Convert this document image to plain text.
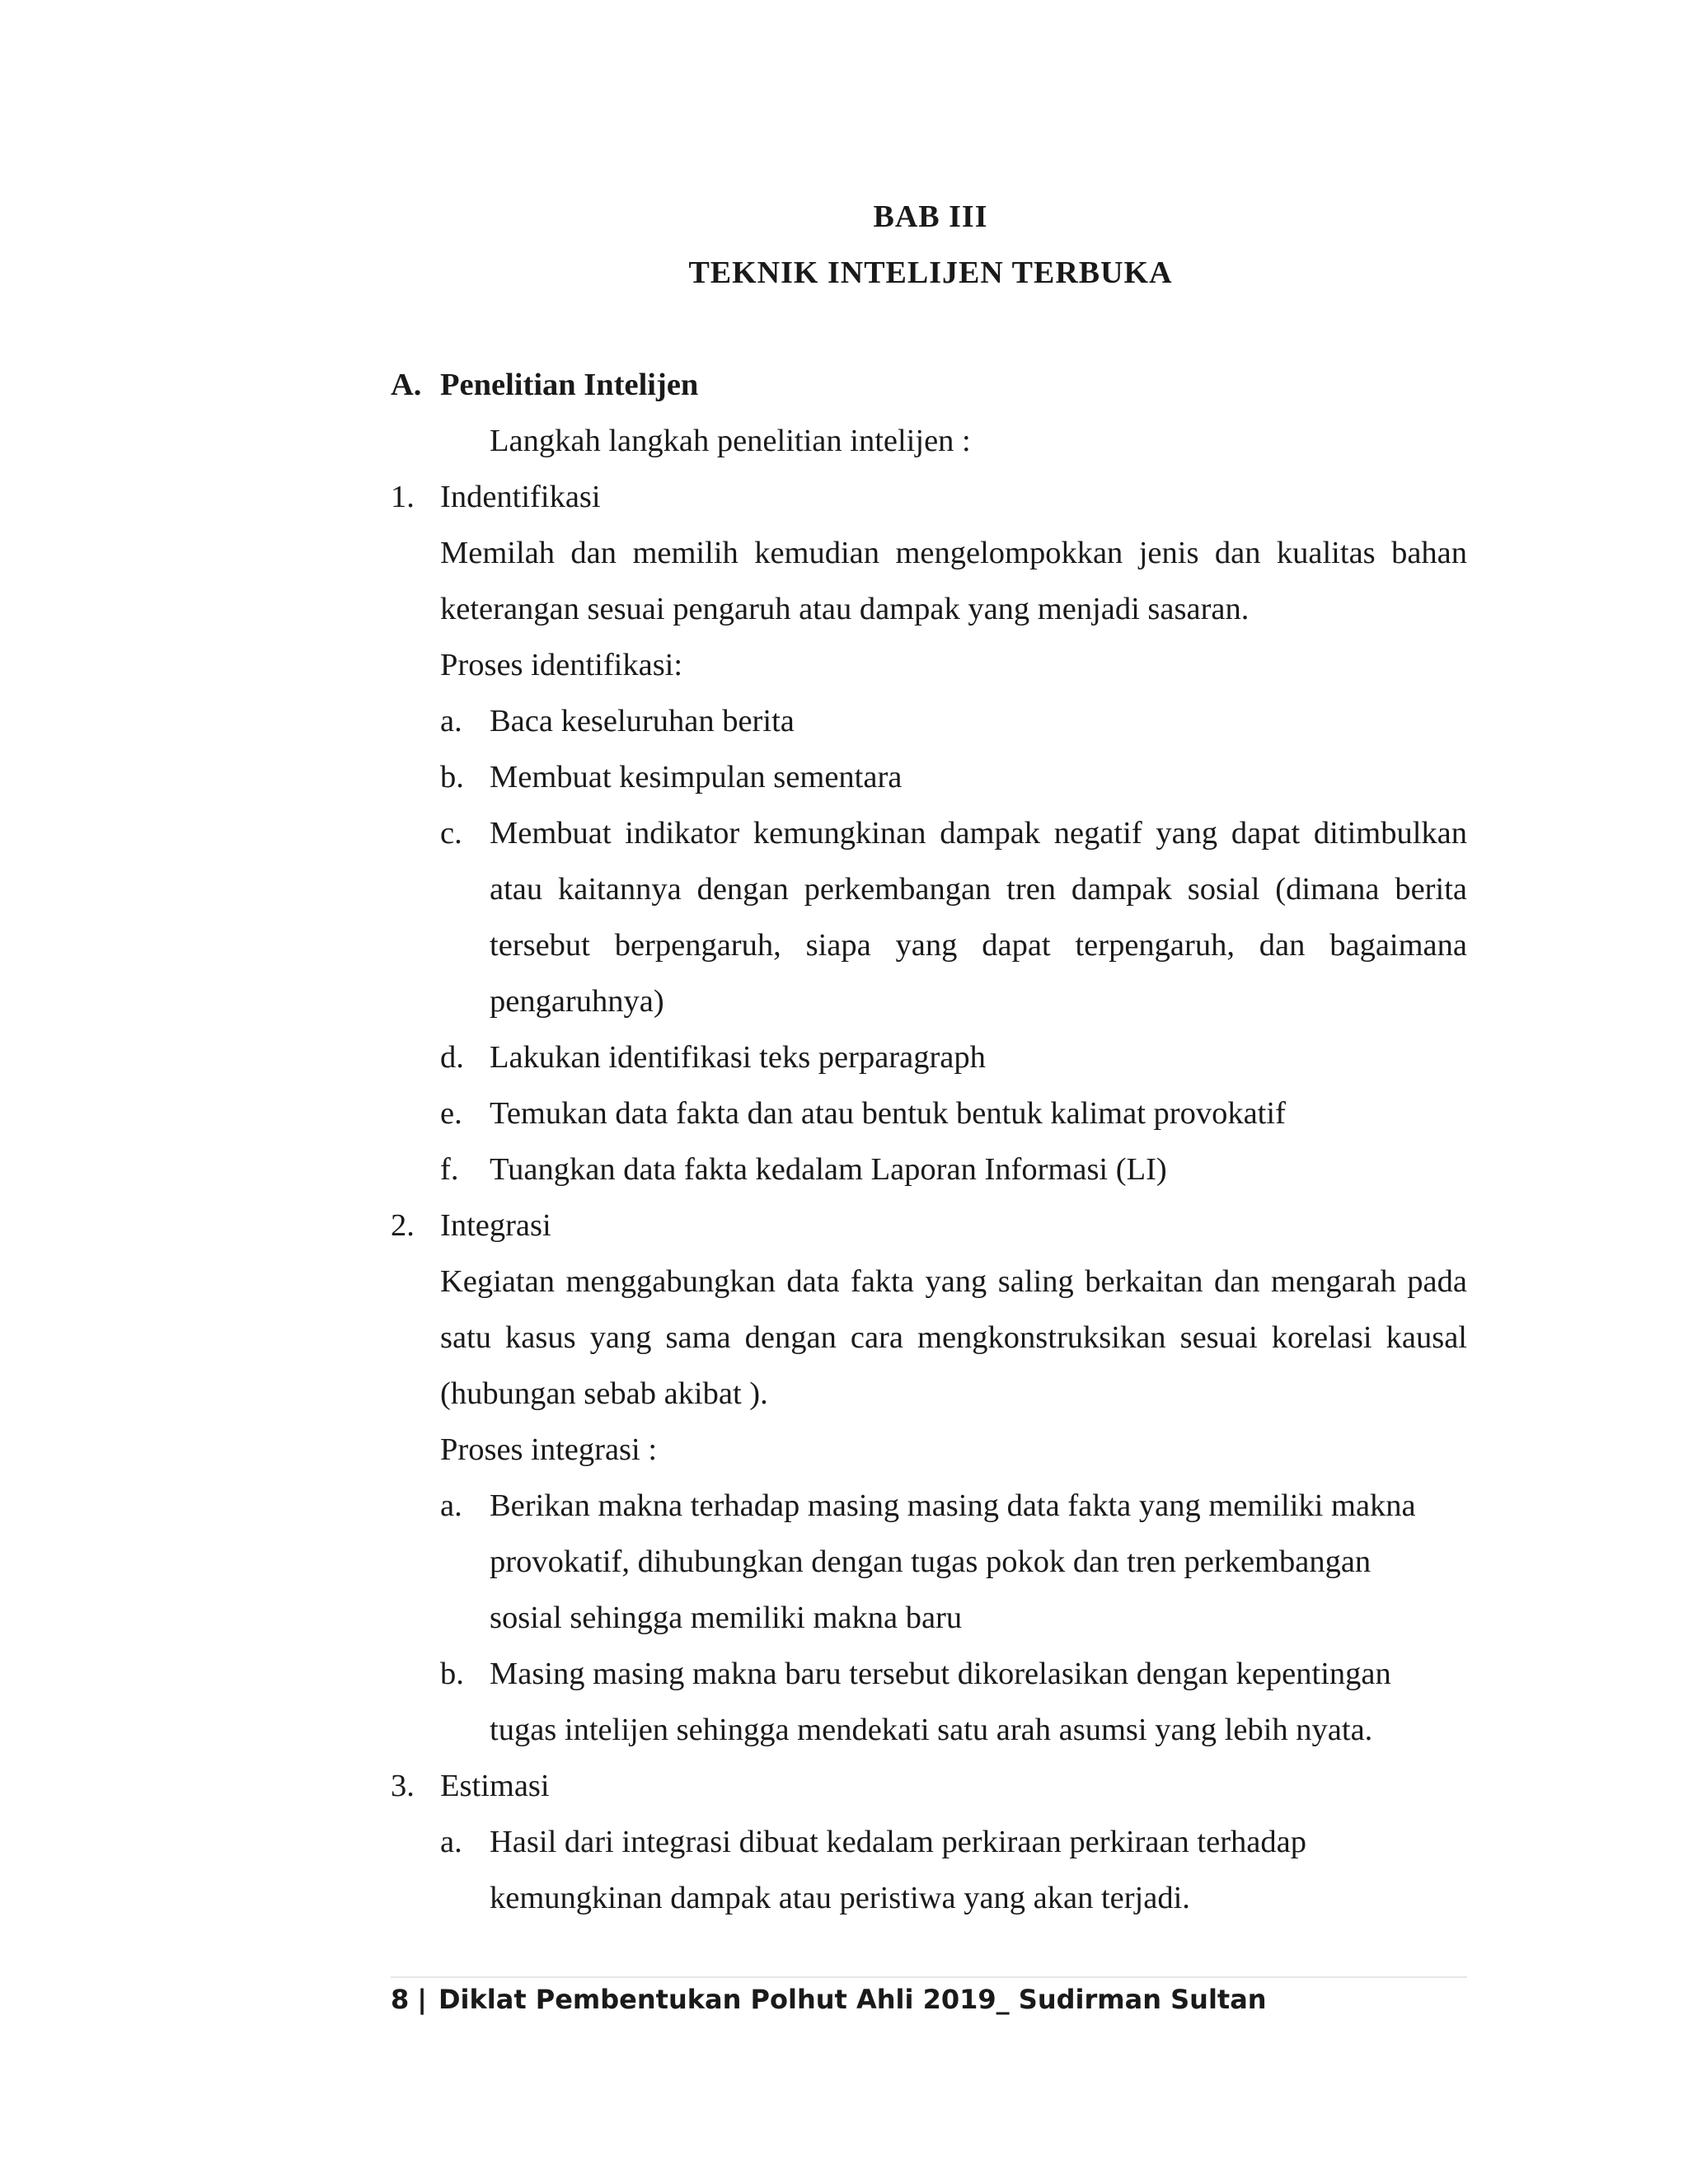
BAB III
TEKNIK INTELIJEN TERBUKA
A. Penelitian Intelijen
Langkah langkah penelitian intelijen :
1. Indentifikasi
Memilah dan memilih kemudian mengelompokkan jenis dan kualitas bahan
keterangan sesuai pengaruh atau dampak yang menjadi sasaran.
Proses identifikasi:
a. Baca keseluruhan berita
b. Membuat kesimpulan sementara
c. Membuat indikator kemungkinan dampak negatif yang dapat ditimbulkan
atau kaitannya dengan perkembangan tren dampak sosial (dimana berita
tersebut berpengaruh, siapa yang dapat terpengaruh, dan bagaimana
pengaruhnya)
d. Lakukan identifikasi teks perparagraph
e. Temukan data fakta dan atau bentuk bentuk kalimat provokatif
f. Tuangkan data fakta kedalam Laporan Informasi (LI)
2. Integrasi
Kegiatan menggabungkan data fakta yang saling berkaitan dan mengarah pada
satu kasus yang sama dengan cara mengkonstruksikan sesuai korelasi kausal
(hubungan sebab akibat ).
Proses integrasi :
a. Berikan makna terhadap masing masing data fakta yang memiliki makna
provokatif, dihubungkan dengan tugas pokok dan tren perkembangan
sosial sehingga memiliki makna baru
b. Masing masing makna baru tersebut dikorelasikan dengan kepentingan
tugas intelijen sehingga mendekati satu arah asumsi yang lebih nyata.
3. Estimasi
a. Hasil dari integrasi dibuat kedalam perkiraan perkiraan terhadap
kemungkinan dampak atau peristiwa yang akan terjadi.
8 | Diklat Pembentukan Polhut Ahli 2019_ Sudirman Sultan
